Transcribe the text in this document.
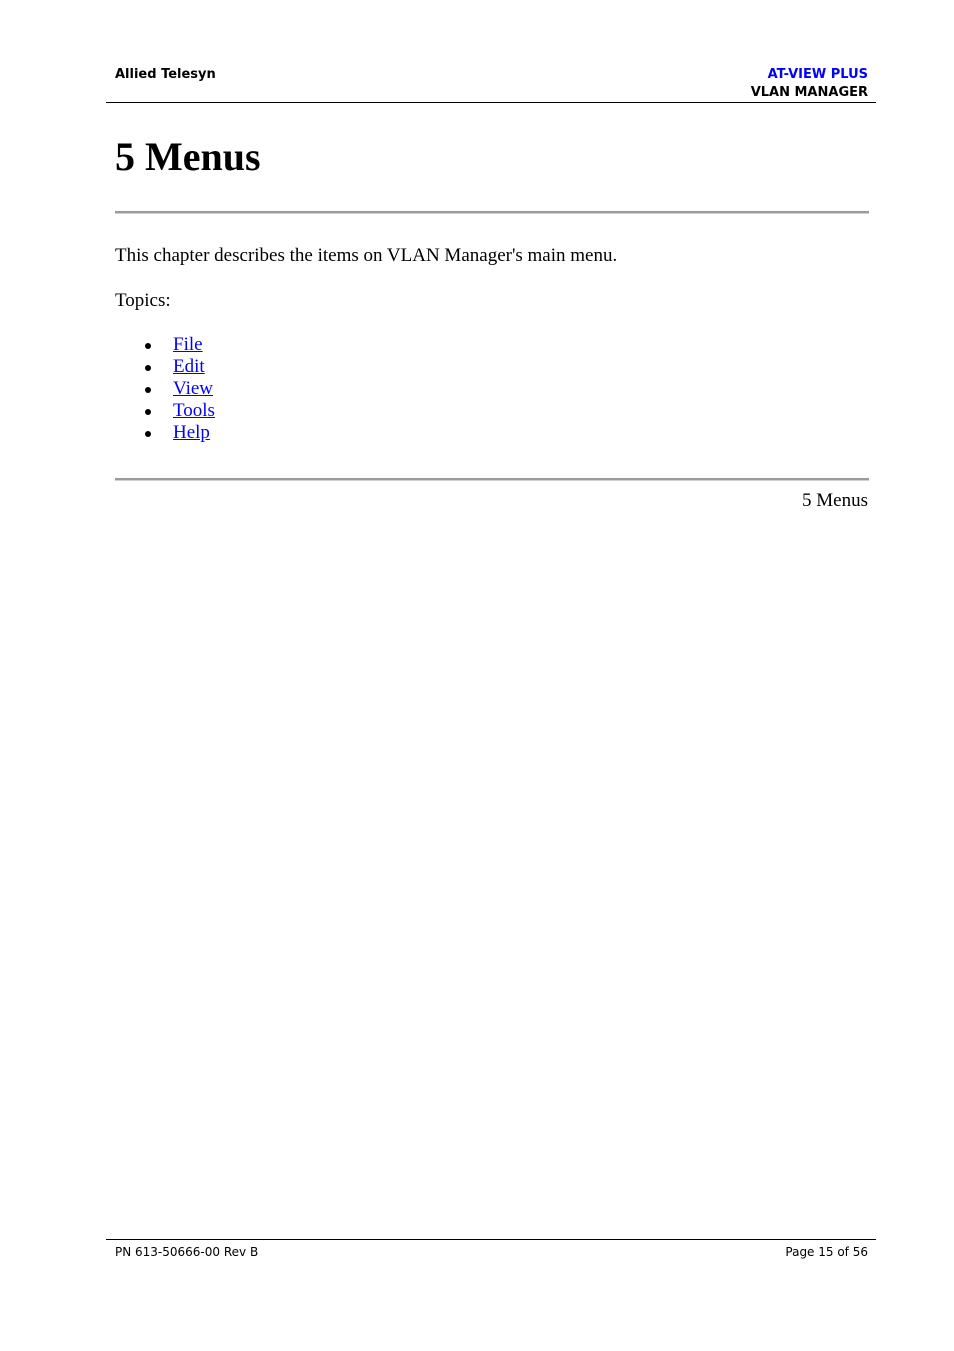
Allied Telesyn	AT-VIEW PLUS
VLAN MANAGER
5 Menus

This chapter describes the items on VLAN Manager's main menu.

Topics:

File
Edit
View
Tools
Help
5 Menus
PN 613-50666-00 Rev B	Page 15 of 56
